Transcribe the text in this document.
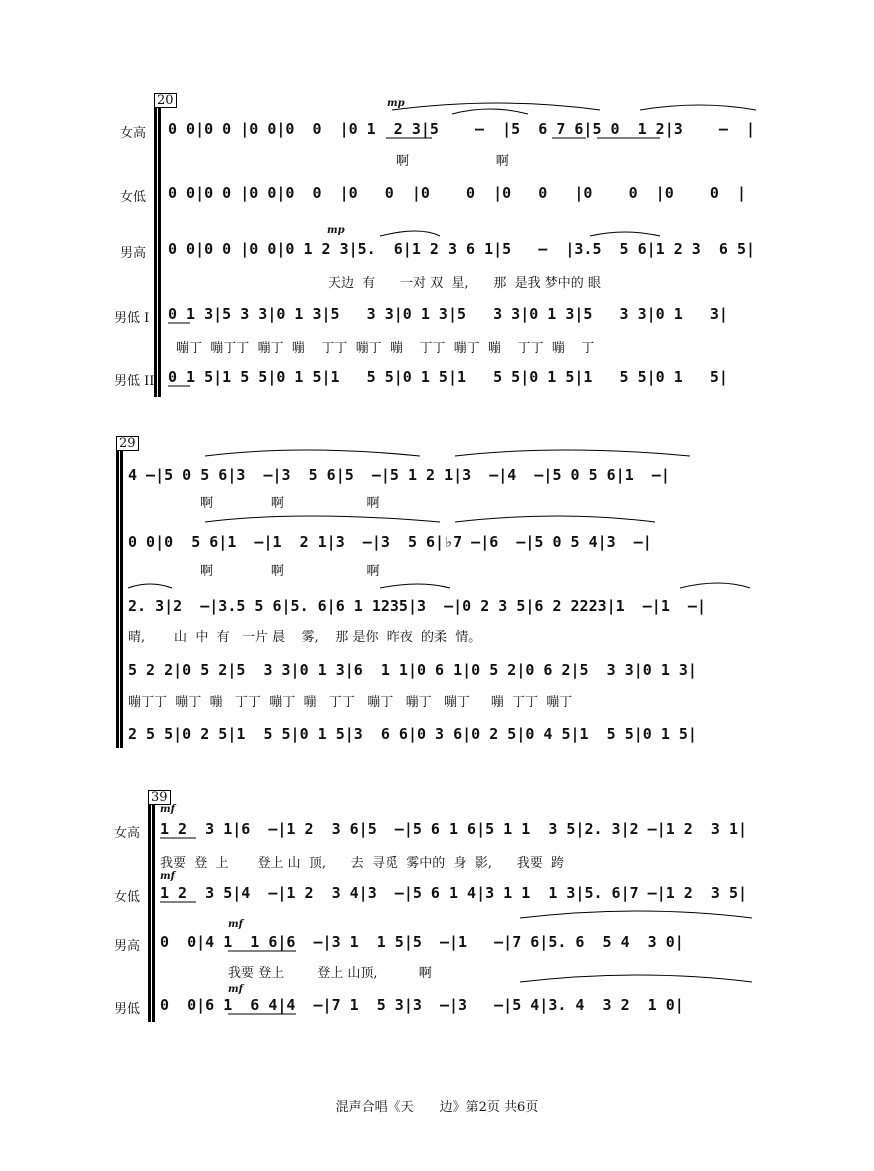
20
女高 0 0|0 0 |0 0|0  0  |0 1  2 3|5    –  |5  6 7 6|5 0  1 2|3    –  |
啊                     啊
mp
女低 0 0|0 0 |0 0|0  0  |0   0  |0    0  |0   0   |0    0  |0    0  |
男高 0 0|0 0 |0 0|0 1 2 3|5.  6|1 2 3 6 1|5   –  |3.5  5 6|1 2 3  6 5|
天边  有      一对 双  星,      那  是我 梦中的 眼
mp
男低 I 0 1 3|5 3 3|0 1 3|5   3 3|0 1 3|5   3 3|0 1 3|5   3 3|0 1   3|
嘣丁  嘣丁丁  嘣丁  嘣    丁丁  嘣丁  嘣    丁丁  嘣丁  嘣    丁丁  嘣    丁
男低 II 0 1 5|1 5 5|0 1 5|1   5 5|0 1 5|1   5 5|0 1 5|1   5 5|0 1   5|
29
4 –|5 0 5 6|3  –|3  5 6|5  –|5 1 2 1|3  –|4  –|5 0 5 6|1  –|
啊              啊                    啊
0 0|0  5 6|1  –|1  2 1|3  –|3  5 6|♭7 –|6  –|5 0 5 4|3  –|
啊              啊                    啊
2. 3|2  –|3.5 5 6|5. 6|6 1 1235|3  –|0 2 3 5|6 2 2223|1  –|1  –|
晴,       山  中  有   一片 晨    雾,    那 是你  昨夜  的柔  情。
5 2 2|0 5 2|5  3 3|0 1 3|6  1 1|0 6 1|0 5 2|0 6 2|5  3 3|0 1 3|
嘣丁丁  嘣丁  嘣   丁丁  嘣丁  嘣   丁丁   嘣丁   嘣丁   嘣丁     嘣  丁丁  嘣丁
2 5 5|0 2 5|1  5 5|0 1 5|3  6 6|0 3 6|0 2 5|0 4 5|1  5 5|0 1 5|
39
女高 1 2  3 1|6  –|1 2  3 6|5  –|5 6 1 6|5 1 1  3 5|2. 3|2 –|1 2  3 1|
我要  登  上       登上 山  顶,      去  寻觅  雾中的  身  影,      我要  跨
mf
女低 1 2  3 5|4  –|1 2  3 4|3  –|5 6 1 4|3 1 1  1 3|5. 6|7 –|1 2  3 5|
mf
男高 0  0|4 1  1 6|6  –|3 1  1 5|5  –|1   –|7 6|5. 6  5 4  3 0|
我要 登上        登上 山顶,          啊
mf
男低 0  0|6 1  6 4|4  –|7 1  5 3|3  –|3   –|5 4|3. 4  3 2  1 0|
mf
混声合唱《天　　边》第2页 共6页
